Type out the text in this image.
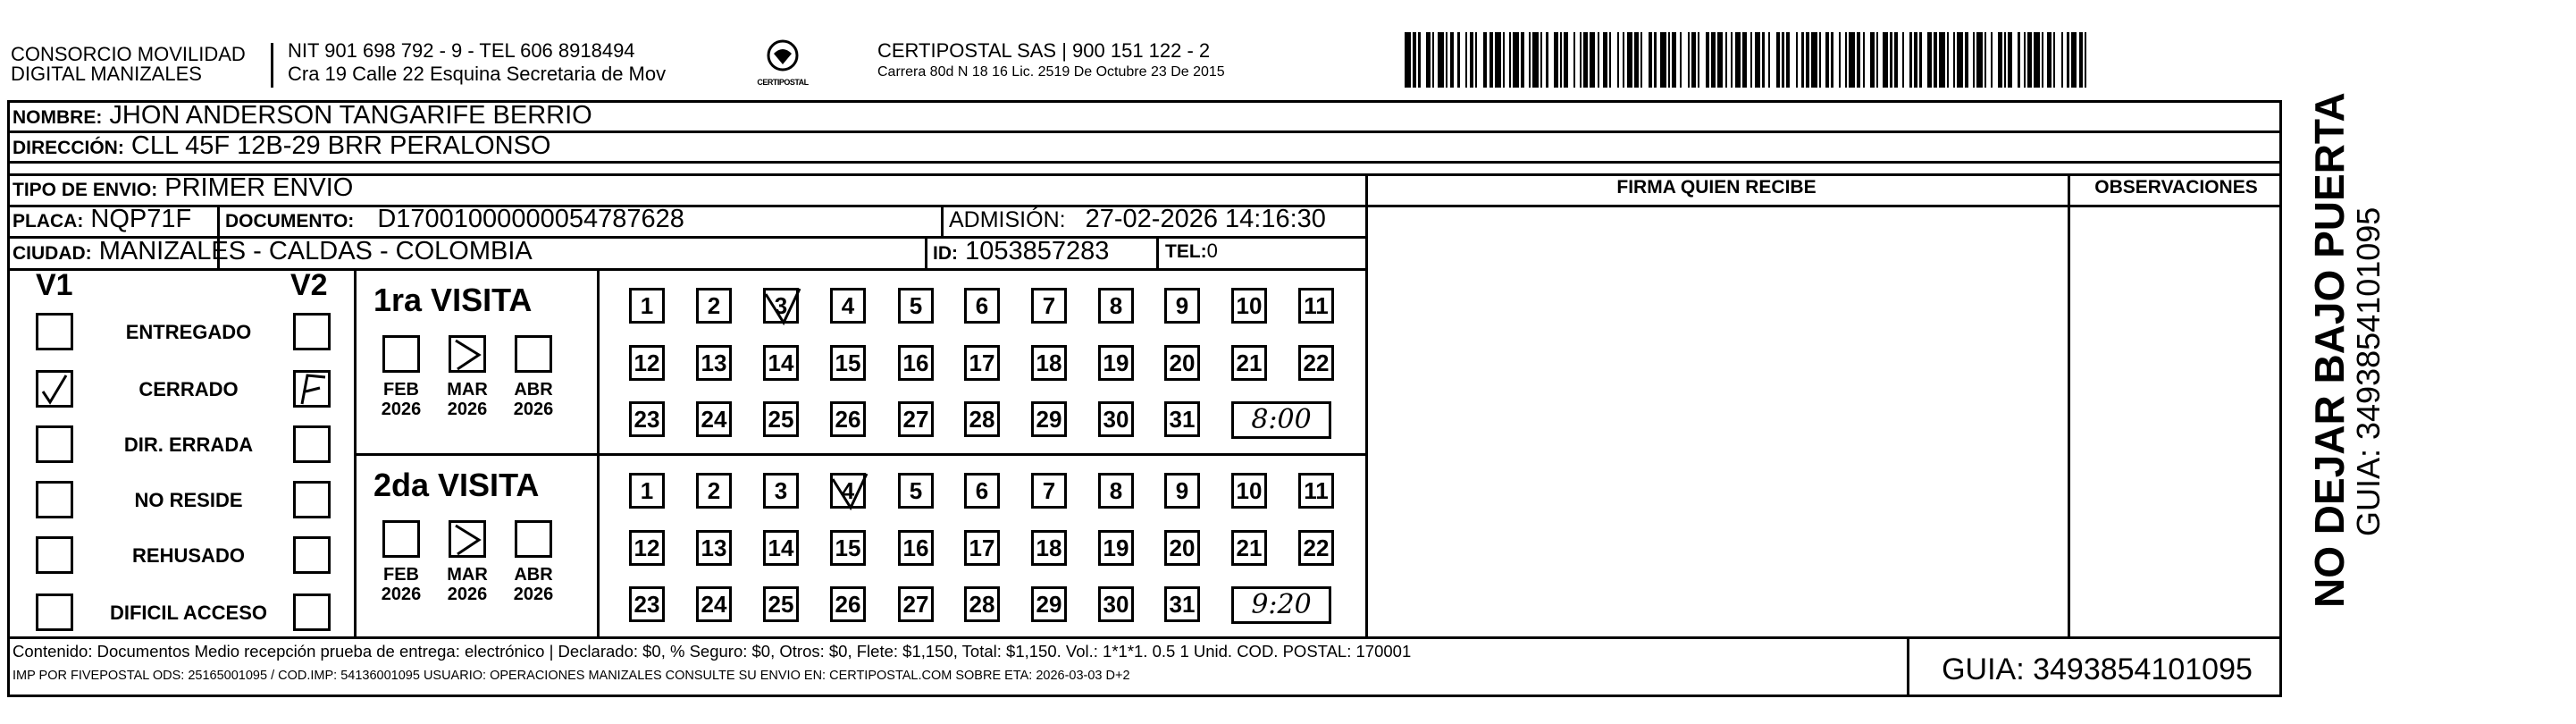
CONSORCIO MOVILIDAD
DIGITAL MANIZALES
NIT 901 698 792 - 9 - TEL 606 8918494
Cra 19 Calle 22 Esquina Secretaria de Mov	CERTIPOSTAL
CERTIPOSTAL SAS | 900 151 122 - 2
Carrera 80d N 18 16 Lic. 2519 De Octubre 23 De 2015
NOMBRE: JHON ANDERSON TANGARIFE BERRIO
DIRECCIÓN: CLL 45F 12B-29 BRR PERALONSO
TIPO DE ENVIO: PRIMER ENVIO	FIRMA QUIEN RECIBE	OBSERVACIONES
PLACA: NQP71F DOCUMENTO: D17001000000054787628	ADMISIÓN: 27-02-2026 14:16:30
CIUDAD: MANIZALES - CALDAS - COLOMBIA	ID: 1053857283	TEL:0
V1	V2
ENTREGADO
CERRADO
DIR. ERRADA
NO RESIDE
REHUSADO
DIFICIL ACCESO
1ra VISITA
2da VISITA
FEB
2026
MAR
2026
ABR
2026
1	2	3	4	5	6	7	8	9	10 11
12 13 14 15 16 17 18 19 20 21 22
23 24 25 26 27 28 29 30 31	8:00
FEB
2026
MAR
2026
ABR
2026
1	2	3	4	5	6	7	8	9	10 11
12 13 14 15 16 17 18 19 20 21 22
23 24 25 26 27 28 29 30 31	9:20
Contenido: Documentos Medio recepción prueba de entrega: electrónico | Declarado: $0, % Seguro: $0, Otros: $0, Flete: $1,150, Total: $1,150. Vol.: 1*1*1. 0.5 1 Unid. COD. POSTAL: 170001
IMP POR FIVEPOSTAL ODS: 25165001095 / COD.IMP: 54136001095 USUARIO: OPERACIONES MANIZALES CONSULTE SU ENVIO EN: CERTIPOSTAL.COM SOBRE ETA: 2026-03-03 D+2	GUIA: 3493854101095
NO DEJAR BAJO PUERTA
GUIA: 3493854101095
